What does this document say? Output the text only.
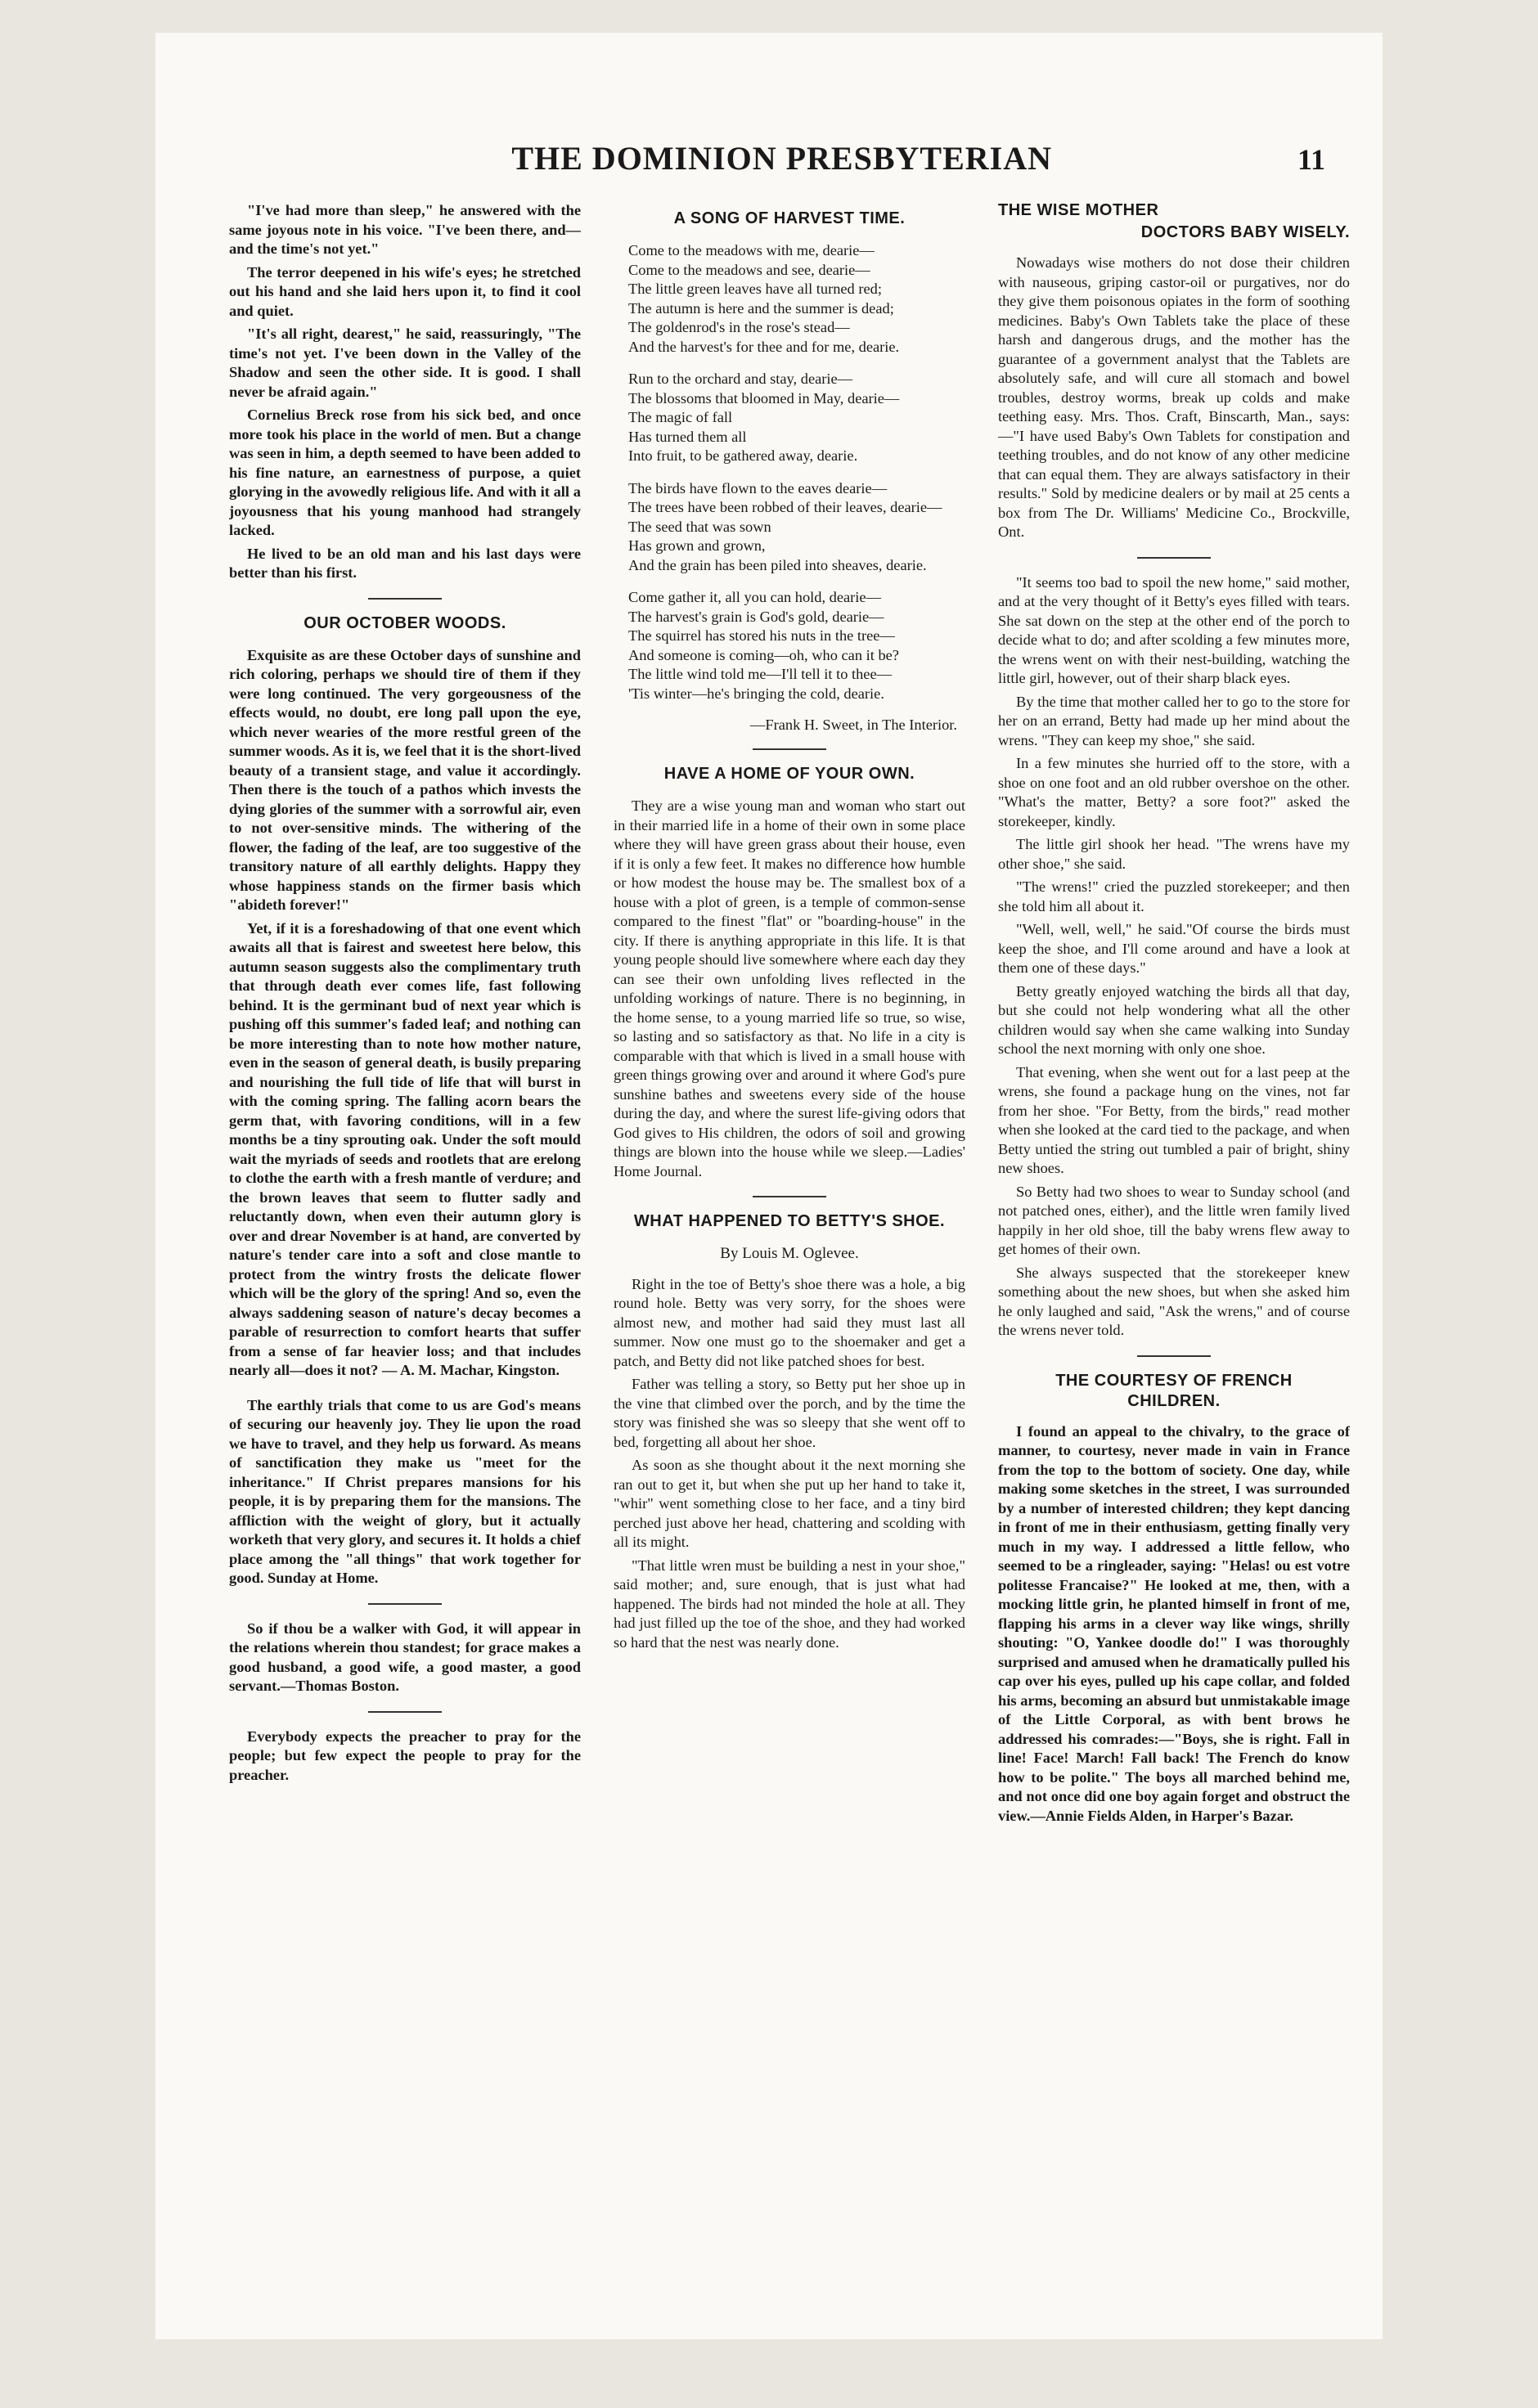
THE DOMINION PRESBYTERIAN	11

"I've had more than sleep," he answered with the same joyous note in his voice. "I've been there, and—and the time's not yet."

The terror deepened in his wife's eyes; he stretched out his hand and she laid hers upon it, to find it cool and quiet.

"It's all right, dearest," he said, reassuringly, "The time's not yet. I've been down in the Valley of the Shadow and seen the other side. It is good. I shall never be afraid again."

Cornelius Breck rose from his sick bed, and once more took his place in the world of men. But a change was seen in him, a depth seemed to have been added to his fine nature, an earnestness of purpose, a quiet glorying in the avowedly religious life. And with it all a joyousness that his young manhood had strangely lacked.

He lived to be an old man and his last days were better than his first.

OUR OCTOBER WOODS.

Exquisite as are these October days of sunshine and rich coloring, perhaps we should tire of them if they were long continued. The very gorgeousness of the effects would, no doubt, ere long pall upon the eye, which never wearies of the more restful green of the summer woods. As it is, we feel that it is the short-lived beauty of a transient stage, and value it accordingly. Then there is the touch of a pathos which invests the dying glories of the summer with a sorrowful air, even to not over-sensitive minds. The withering of the flower, the fading of the leaf, are too suggestive of the transitory nature of all earthly delights. Happy they whose happiness stands on the firmer basis which "abideth forever!"

Yet, if it is a foreshadowing of that one event which awaits all that is fairest and sweetest here below, this autumn season suggests also the complimentary truth that through death ever comes life, fast following behind. It is the germinant bud of next year which is pushing off this summer's faded leaf; and nothing can be more interesting than to note how mother nature, even in the season of general death, is busily preparing and nourishing the full tide of life that will burst in with the coming spring. The falling acorn bears the germ that, with favoring conditions, will in a few months be a tiny sprouting oak. Under the soft mould wait the myriads of seeds and rootlets that are erelong to clothe the earth with a fresh mantle of verdure; and the brown leaves that seem to flutter sadly and reluctantly down, when even their autumn glory is over and drear November is at hand, are converted by nature's tender care into a soft and close mantle to protect from the wintry frosts the delicate flower which will be the glory of the spring! And so, even the always saddening season of nature's decay becomes a parable of resurrection to comfort hearts that suffer from a sense of far heavier loss; and that includes nearly all—does it not? — A. M. Machar, Kingston.

The earthly trials that come to us are God's means of securing our heavenly joy. They lie upon the road we have to travel, and they help us forward. As means of sanctification they make us "meet for the inheritance." If Christ prepares mansions for his people, it is by preparing them for the mansions. The affliction with the weight of glory, but it actually worketh that very glory, and secures it. It holds a chief place among the "all things" that work together for good. Sunday at Home.

So if thou be a walker with God, it will appear in the relations wherein thou standest; for grace makes a good husband, a good wife, a good master, a good servant.—Thomas Boston.

Everybody expects the preacher to pray for the people; but few expect the people to pray for the preacher.

A SONG OF HARVEST TIME.
Come to the meadows with me, dearie—
Come to the meadows and see, dearie—
The little green leaves have all turned red;
The autumn is here and the summer is dead;
The goldenrod's in the rose's stead—
And the harvest's for thee and for me, dearie.
Run to the orchard and stay, dearie—
The blossoms that bloomed in May, dearie—
The magic of fall
Has turned them all
Into fruit, to be gathered away, dearie.
The birds have flown to the eaves dearie—
The trees have been robbed of their leaves, dearie—
The seed that was sown
Has grown and grown,
And the grain has been piled into sheaves, dearie.
Come gather it, all you can hold, dearie—
The harvest's grain is God's gold, dearie—
The squirrel has stored his nuts in the tree—
And someone is coming—oh, who can it be?
The little wind told me—I'll tell it to thee—
'Tis winter—he's bringing the cold, dearie.
—Frank H. Sweet, in The Interior.
HAVE A HOME OF YOUR OWN.

They are a wise young man and woman who start out in their married life in a home of their own in some place where they will have green grass about their house, even if it is only a few feet. It makes no difference how humble or how modest the house may be. The smallest box of a house with a plot of green, is a temple of common-sense compared to the finest "flat" or "boarding-house" in the city. If there is anything appropriate in this life. It is that young people should live somewhere where each day they can see their own unfolding lives reflected in the unfolding workings of nature. There is no beginning, in the home sense, to a young married life so true, so wise, so lasting and so satisfactory as that. No life in a city is comparable with that which is lived in a small house with green things growing over and around it where God's pure sunshine bathes and sweetens every side of the house during the day, and where the surest life-giving odors that God gives to His children, the odors of soil and growing things are blown into the house while we sleep.—Ladies' Home Journal.

WHAT HAPPENED TO BETTY'S SHOE.

By Louis M. Oglevee.

Right in the toe of Betty's shoe there was a hole, a big round hole. Betty was very sorry, for the shoes were almost new, and mother had said they must last all summer. Now one must go to the shoemaker and get a patch, and Betty did not like patched shoes for best.

Father was telling a story, so Betty put her shoe up in the vine that climbed over the porch, and by the time the story was finished she was so sleepy that she went off to bed, forgetting all about her shoe.

As soon as she thought about it the next morning she ran out to get it, but when she put up her hand to take it, "whir" went something close to her face, and a tiny bird perched just above her head, chattering and scolding with all its might.

"That little wren must be building a nest in your shoe," said mother; and, sure enough, that is just what had happened. The birds had not minded the hole at all. They had just filled up the toe of the shoe, and they had worked so hard that the nest was nearly done.

THE WISE MOTHER
DOCTORS BABY WISELY.

Nowadays wise mothers do not dose their children with nauseous, griping castor-oil or purgatives, nor do they give them poisonous opiates in the form of soothing medicines. Baby's Own Tablets take the place of these harsh and dangerous drugs, and the mother has the guarantee of a government analyst that the Tablets are absolutely safe, and will cure all stomach and bowel troubles, destroy worms, break up colds and make teething easy. Mrs. Thos. Craft, Binscarth, Man., says:—"I have used Baby's Own Tablets for constipation and teething troubles, and do not know of any other medicine that can equal them. They are always satisfactory in their results." Sold by medicine dealers or by mail at 25 cents a box from The Dr. Williams' Medicine Co., Brockville, Ont.

"It seems too bad to spoil the new home," said mother, and at the very thought of it Betty's eyes filled with tears. She sat down on the step at the other end of the porch to decide what to do; and after scolding a few minutes more, the wrens went on with their nest-building, watching the little girl, however, out of their sharp black eyes.

By the time that mother called her to go to the store for her on an errand, Betty had made up her mind about the wrens. "They can keep my shoe," she said.

In a few minutes she hurried off to the store, with a shoe on one foot and an old rubber overshoe on the other. "What's the matter, Betty? a sore foot?" asked the storekeeper, kindly.

The little girl shook her head. "The wrens have my other shoe," she said.

"The wrens!" cried the puzzled storekeeper; and then she told him all about it.

"Well, well, well," he said."Of course the birds must keep the shoe, and I'll come around and have a look at them one of these days."

Betty greatly enjoyed watching the birds all that day, but she could not help wondering what all the other children would say when she came walking into Sunday school the next morning with only one shoe.

That evening, when she went out for a last peep at the wrens, she found a package hung on the vines, not far from her shoe. "For Betty, from the birds," read mother when she looked at the card tied to the package, and when Betty untied the string out tumbled a pair of bright, shiny new shoes.

So Betty had two shoes to wear to Sunday school (and not patched ones, either), and the little wren family lived happily in her old shoe, till the baby wrens flew away to get homes of their own.

She always suspected that the storekeeper knew something about the new shoes, but when she asked him he only laughed and said, "Ask the wrens," and of course the wrens never told.

THE COURTESY OF FRENCH
CHILDREN.

I found an appeal to the chivalry, to the grace of manner, to courtesy, never made in vain in France from the top to the bottom of society. One day, while making some sketches in the street, I was surrounded by a number of interested children; they kept dancing in front of me in their enthusiasm, getting finally very much in my way. I addressed a little fellow, who seemed to be a ringleader, saying: "Helas! ou est votre politesse Francaise?" He looked at me, then, with a mocking little grin, he planted himself in front of me, flapping his arms in a clever way like wings, shrilly shouting: "O, Yankee doodle do!" I was thoroughly surprised and amused when he dramatically pulled his cap over his eyes, pulled up his cape collar, and folded his arms, becoming an absurd but unmistakable image of the Little Corporal, as with bent brows he addressed his comrades:—"Boys, she is right. Fall in line! Face! March! Fall back! The French do know how to be polite." The boys all marched behind me, and not once did one boy again forget and obstruct the view.—Annie Fields Alden, in Harper's Bazar.
